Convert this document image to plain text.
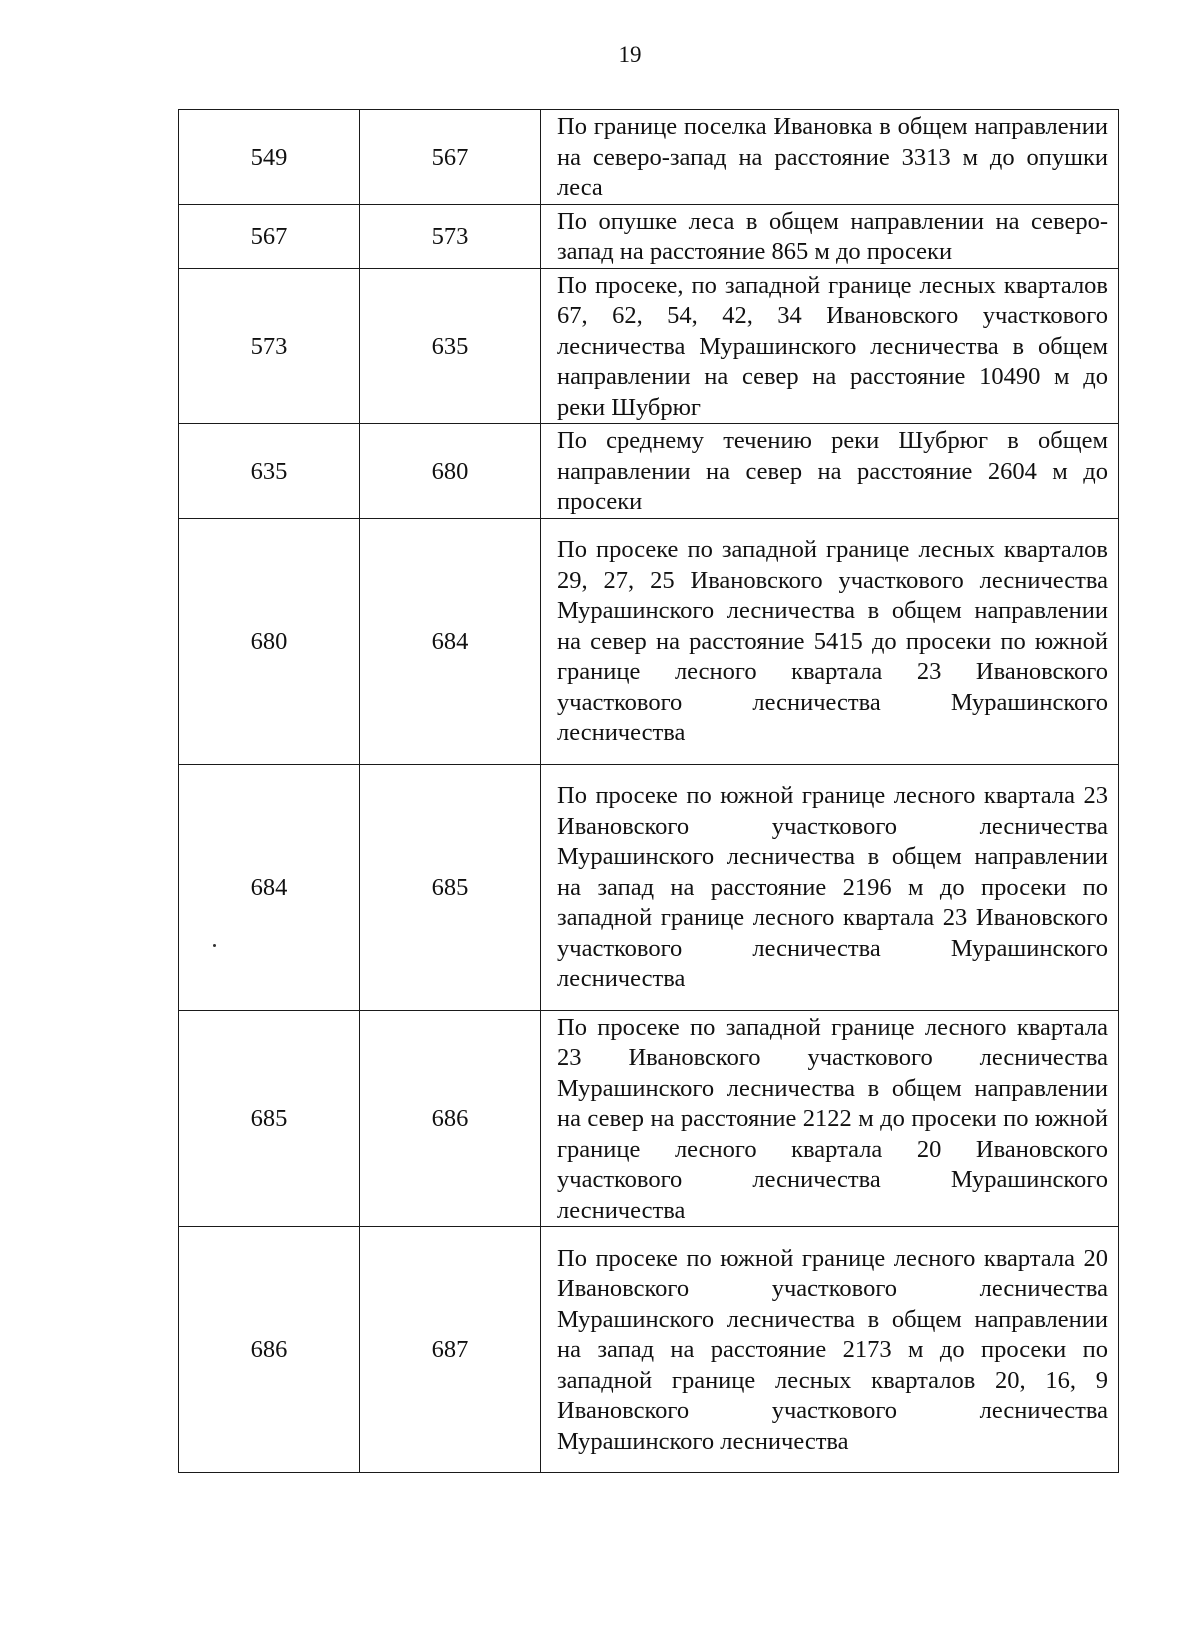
19
549	567	По границе поселка Ивановка в общем направлении на северо-запад на расстояние 3313 м до опушки леса

567	573	По опушке леса в общем направлении на северо-запад на расстояние 865 м до просеки

573	635	По просеке, по западной границе лесных кварталов 67, 62, 54, 42, 34 Ивановского участкового лесничества Мурашинского лесничества в общем направлении на север на расстояние 10490 м до реки Шубрюг

635	680	По среднему течению реки Шубрюг в общем направлении на север на расстояние 2604 м до просеки

680	684	По просеке по западной границе лесных кварталов 29, 27, 25 Ивановского участкового лесничества Мурашинского лесничества в общем направлении на север на расстояние 5415 до просеки по южной границе лесного квартала 23 Ивановского участкового лесничества Мурашинского лесничества

684	685	По просеке по южной границе лесного квартала 23 Ивановского участкового лесничества Мурашинского лесничества в общем направлении на запад на расстояние 2196 м до просеки по западной границе лесного квартала 23 Ивановского участкового лесничества Мурашинского лесничества

685	686	По просеке по западной границе лесного квартала 23 Ивановского участкового лесничества Мурашинского лесничества в общем направлении на север на расстояние 2122 м до просеки по южной границе лесного квартала 20 Ивановского участкового лесничества Мурашинского лесничества

686	687	По просеке по южной границе лесного квартала 20 Ивановского участкового лесничества Мурашинского лесничества в общем направлении на запад на расстояние 2173 м до просеки по западной границе лесных кварталов 20, 16, 9 Ивановского участкового лесничества Мурашинского лесничества
